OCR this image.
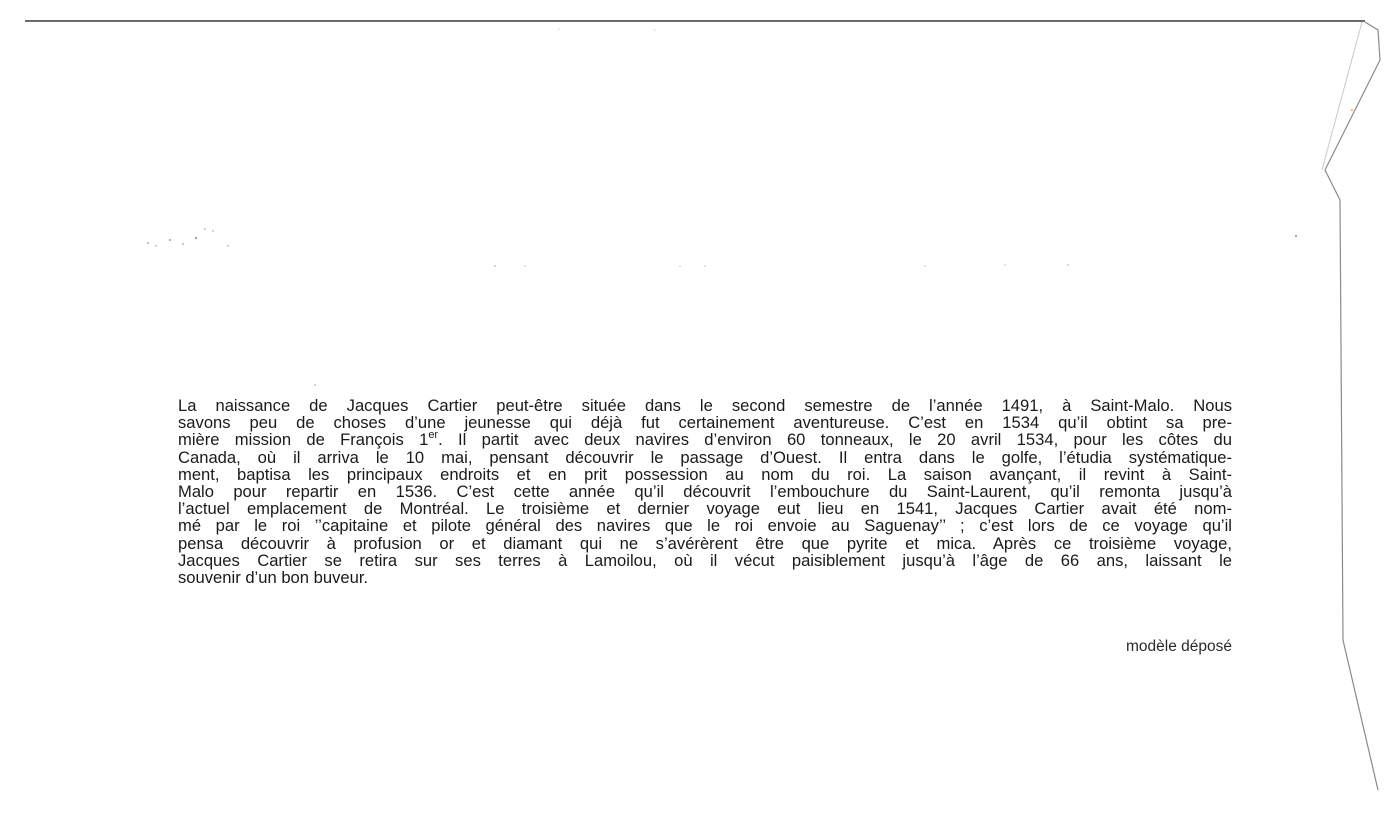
La naissance de Jacques Cartier peut-être située dans le second semestre de l’année 1491, à Saint-Malo. Nous
savons peu de choses d’une jeunesse qui déjà fut certainement aventureuse. C’est en 1534 qu’il obtint sa pre-
mière mission de François 1er. Il partit avec deux navires d’environ 60 tonneaux, le 20 avril 1534, pour les côtes du
Canada, où il arriva le 10 mai, pensant découvrir le passage d’Ouest. Il entra dans le golfe, l’étudia systématique-
ment, baptisa les principaux endroits et en prit possession au nom du roi. La saison avançant, il revint à Saint-
Malo pour repartir en 1536. C’est cette année qu’il découvrit l’embouchure du Saint-Laurent, qu’il remonta jusqu’à
l’actuel emplacement de Montréal. Le troisième et dernier voyage eut lieu en 1541, Jacques Cartier avait été nom-
mé par le roi ’’capitaine et pilote général des navires que le roi envoie au Saguenay’’ ; c’est lors de ce voyage qu’il
pensa découvrir à profusion or et diamant qui ne s’avérèrent être que pyrite et mica. Après ce troisième voyage,
Jacques Cartier se retira sur ses terres à Lamoilou, où il vécut paisiblement jusqu’à l’âge de 66 ans, laissant le
souvenir d’un bon buveur.
modèle déposé
